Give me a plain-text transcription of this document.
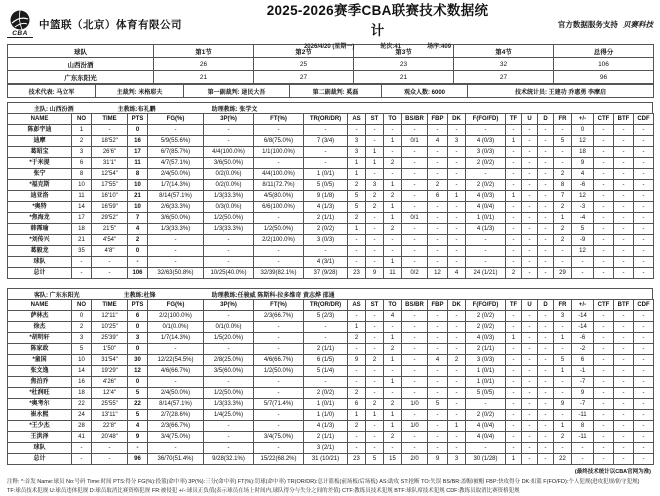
CBA
中篮联（北京）体育有限公司
2025-2026赛季CBA联赛技术数据统计
2026/4/20 (星期一)	轮次:41	场序:409
官方数据服务支持 贝赛科技
球队	第1节	第2节	第3节	第4节	总得分
山西汾酒	26	25	23	32	106
广东东阳光	21	27	21	27	96
技术代表: 马立军	主裁判: 米格耶夫	第一副裁判: 逯民大吾	第二副裁判: 奚磊	观众人数: 6000	技术统计员: 王建功 乔惠勇 李摩启
主队: 山西汾酒	主教练:布礼鹏	助理教练: 张学文
NAME	NO	TIME	PTS	FG(%)	3P(%)	FT(%)	TR(OR/DR)	AS	ST	TO	BS/BR	FBP	DK	F(FO/FD)	TF	U	D	FR	+/-	CTF	BTF	CDF
陈彭宇迪	1	-	0	-	-	-	-	-	-	-	-	-	-	-	-	-	-	-	0	-	-	-
迪摩	2	18'52"	16	5/9(55.6%)	-	6/8(75.0%)	7 (3/4)	3	-	1	0/1	4	3	4 (0/3)	1	-	-	5	12	-	-	-
葛昭宝	3	26'6"	17	6/7(85.7%)	4/4(100.0%)	1/1(100.0%)	-	3	1	-	-	-	-	3 (0/3)	-	-	-	-	18	-	-	-
*于米提	6	31'1"	11	4/7(57.1%)	3/6(50.0%)	-	-	1	1	2	-	-	-	2 (0/2)	-	-	-	-	9	-	-	-
张宁	8	12'54"	8	2/4(50.0%)	0/2(0.0%)	4/4(100.0%)	1 (0/1)	1	-	-	-	-	-	-	-	-	-	2	4	-	-	-
*福克斯	10	17'55"	10	1/7(14.3%)	0/2(0.0%)	8/11(72.7%)	5 (0/5)	2	3	1	-	2	-	2 (0/2)	-	-	-	8	-6	-	-	-
迪亚洛	11	16'10"	21	8/14(57.1%)	1/3(33.3%)	4/5(80.0%)	9 (1/8)	5	2	2	-	6	1	4 (0/3)	1	-	-	7	12	-	-	-
*奥特	14	16'59"	10	2/6(33.3%)	0/3(0.0%)	6/6(100.0%)	4 (1/3)	5	2	1	-	-	-	4 (0/4)	-	-	-	2	-3	-	-	-
*焦海龙	17	29'52"	7	3/6(50.0%)	1/2(50.0%)	-	2 (1/1)	2	-	1	0/1	-	-	1 (0/1)	-	-	-	1	-4	-	-	-
韩霈瑜	18	21'5"	4	1/3(33.3%)	1/3(33.3%)	1/2(50.0%)	2 (0/2)	1	-	2	-	-	-	4 (1/3)	-	-	-	2	5	-	-	-
*刘传兴	21	4'54"	2	-	-	2/2(100.0%)	3 (0/3)	-	-	-	-	-	-	-	-	-	-	2	-9	-	-	-
葛毅龙	35	4'8"	0	-	-	-	-	-	-	-	-	-	-	-	-	-	-	-	12	-	-	-
球队	-	-	-	-	-	-	4 (3/1)	-	-	1	-	-	-	-	-	-	-	-	-	-	-	-
总计	-	-	106	32/63(50.8%)	10/25(40.0%)	32/39(82.1%)	37 (9/28)	23	9	11	0/2	12	4	24 (1/21)	2	-	-	29	-	-	-	-
客队: 广东东阳光	主教练:杜锋	助理教练:任骏威 陈斯科-拉多维奇 黄志烨 邵通
NAME	NO	TIME	PTS	FG(%)	3P(%)	FT(%)	TR(OR/DR)	AS	ST	TO	BS/BR	FBP	DK	F(FO/FD)	TF	U	D	FR	+/-	CTF	BTF	CDF
萨林杰	0	12'11"	6	2/2(100.0%)	-	2/3(66.7%)	5 (2/3)	-	-	4	-	-	-	2 (0/2)	-	-	-	3	-14	-	-	-
徐杰	2	10'25"	0	0/1(0.0%)	0/1(0.0%)	-	-	1	-	-	-	-	-	2 (0/2)	-	-	-	-	-14	-	-	-
*胡明轩	3	25'39"	3	1/7(14.3%)	1/5(20.0%)	-	-	2	-	1	-	-	-	4 (0/3)	1	-	-	1	-6	-	-	-
陈家政	5	1'50"	0	-	-	-	2 (1/1)	-	-	2	-	-	-	2 (1/1)	-	-	-	-	-2	-	-	-
*童国	10	31'54"	30	12/22(54.5%)	2/8(25.0%)	4/6(66.7%)	6 (1/5)	9	2	1	-	4	2	3 (0/3)	-	-	-	5	6	-	-	-
张文逸	14	19'29"	12	4/6(66.7%)	3/5(60.0%)	1/2(50.0%)	5 (1/4)	-	-	-	-	-	-	1 (0/1)	-	-	-	1	-1	-	-	-
焦泊乔	16	4'26"	0	-	-	-	-	-	-	1	-	-	-	1 (0/1)	-	-	-	-	-7	-	-	-
*杜润旺	18	12'4"	5	2/4(50.0%)	1/2(50.0%)	-	2 (0/2)	2	-	-	-	-	-	5 (0/5)	-	-	-	-	9	-	-	-
*奥考尔	22	25'55"	22	8/14(57.1%)	1/3(33.3%)	5/7(71.4%)	1 (0/1)	6	2	2	1/0	5	-	-	-	-	-	9	-7	-	-	-
崔永熙	24	13'11"	5	2/7(28.6%)	1/4(25.0%)	-	1 (1/0)	1	1	1	-	-	-	2 (0/2)	-	-	-	-	-11	-	-	-
*王少杰	28	22'8"	4	2/3(66.7%)	-	-	4 (1/3)	2	-	1	1/0	-	1	4 (0/4)	-	-	-	1	8	-	-	-
王洪泽	41	20'48"	9	3/4(75.0%)	-	3/4(75.0%)	2 (1/1)	-	-	2	-	-	-	4 (0/4)	-	-	-	2	-11	-	-	-
球队	-	-	-	-	-	-	3 (2/1)	-	-	-	-	-	-	-	-	-	-	-	-	-	-	-
总计	-	-	96	36/70(51.4%)	9/28(32.1%)	15/22(68.2%)	31 (10/21)	23	5	15	2/0	9	3	30 (1/28)	1	-	-	22	-	-	-	-
(最终技术统计以CBA官网为准)
注释: *:首发 Name:球员 No:号码 Time:时间 PTS:得分 FG(%):投篮(命中率) 3P(%):三分(命中率) FT(%):罚球(命中率) TR(OR/DR):总计篮板(前场板/后场板) AS:助攻 ST:抢断 TO:失误 BS/BR:盖帽/被帽 FBP:快攻得分 DK:扣篮 F(FO/FD):个人犯规(进攻犯规/防守犯规)
TF:球员技术犯规 U:球员违体犯规 D:球员取消比赛资格犯规 FR:被侵犯 +/-:球员正负值(表示球员在场上时间内,球队得分与失分之间的差值) CTF:教练员技术犯规 BTF:球队席技术犯规 CDF:教练员取消比赛资格犯规
